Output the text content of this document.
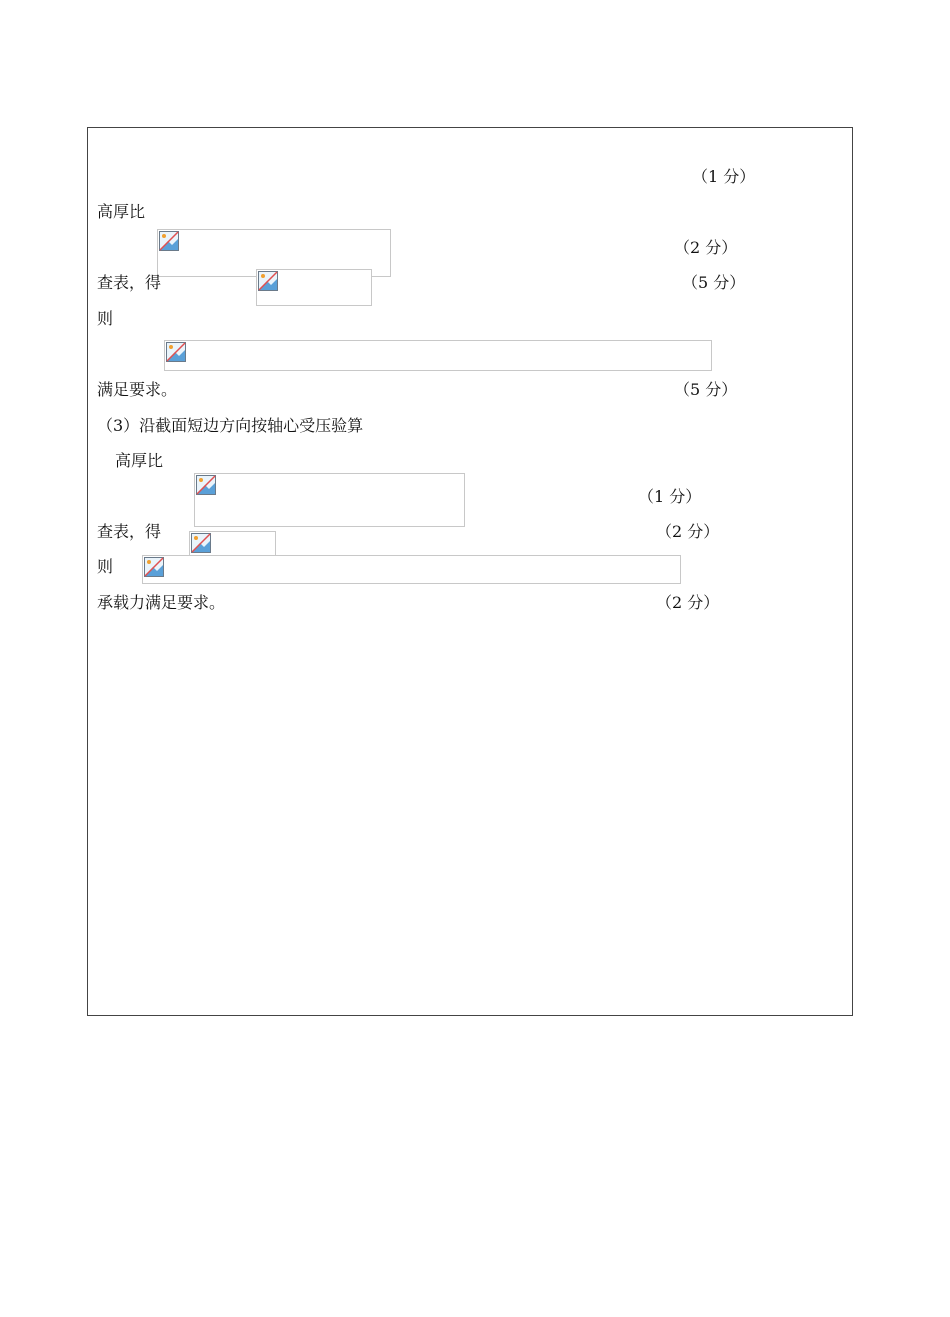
（1 分）
高厚比
（2 分）
查表，得	（5 分）
则
满足要求。	（5 分）
（3）沿截面短边方向按轴心受压验算
高厚比
（1 分）
查表，得	（2 分）
则
承载力满足要求。	（2 分）
